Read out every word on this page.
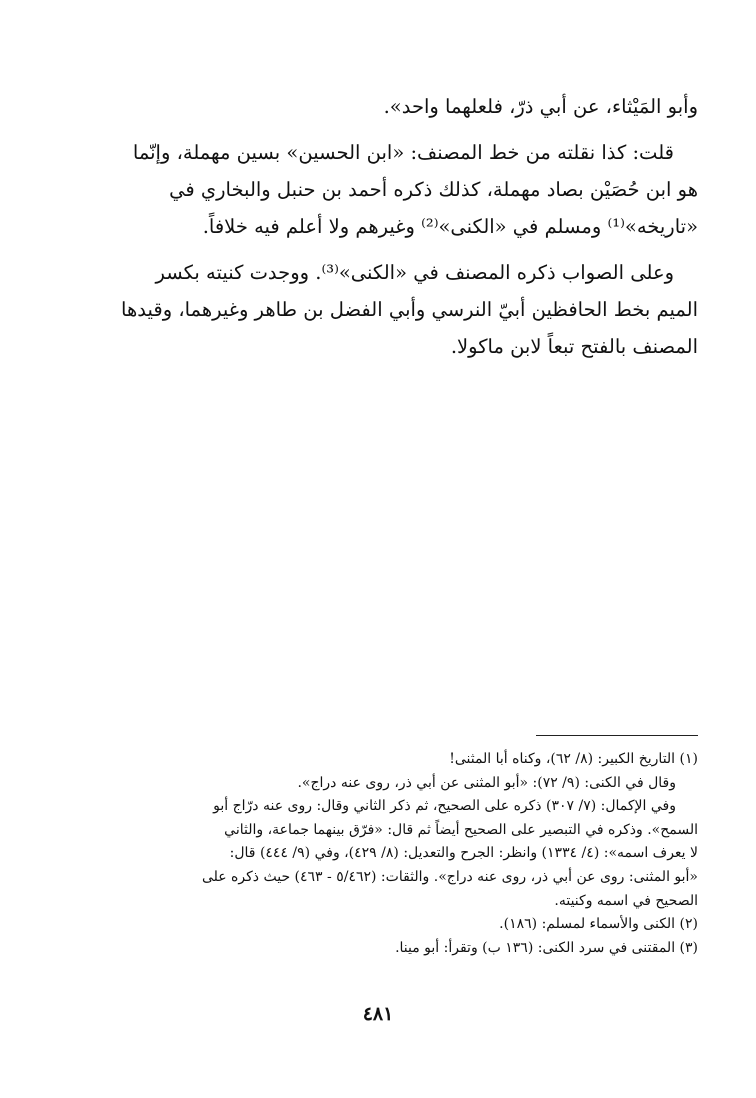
وأبو المَيْثاء، عن أبي ذرّ، فلعلهما واحد».

قلت: كذا نقلته من خط المصنف: «ابن الحسين» بسين مهملة، وإنّما
هو ابن حُصَيْن بصاد مهملة، كذلك ذكره أحمد بن حنبل والبخاري في
«تاريخه»⁽¹⁾ ومسلم في «الكنى»⁽²⁾ وغيرهم ولا أعلم فيه خلافاً.

وعلى الصواب ذكره المصنف في «الكنى»⁽³⁾. ووجدت كنيته بكسر
الميم بخط الحافظين أبيّ النرسي وأبي الفضل بن طاهر وغيرهما، وقيدها
المصنف بالفتح تبعاً لابن ماكولا.

(١) التاريخ الكبير: (٨/ ٦٢)، وكناه أبا المثنى!
وقال في الكنى: (٩/ ٧٢): «أبو المثنى عن أبي ذر، روى عنه دراج».
وفي الإكمال: (٧/ ٣٠٧) ذكره على الصحيح، ثم ذكر الثاني وقال: روى عنه درّاج أبو
السمح». وذكره في التبصير على الصحيح أيضاً ثم قال: «فرّق بينهما جماعة، والثاني
لا يعرف اسمه»: (٤/ ١٣٣٤) وانظر: الجرح والتعديل: (٨/ ٤٢٩)، وفي (٩/ ٤٤٤) قال:
«أبو المثنى: روى عن أبي ذر، روى عنه دراج». والثقات: (٥/٤٦٢ - ٤٦٣) حيث ذكره على
الصحيح في اسمه وكنيته.

(٢) الكنى والأسماء لمسلم: (١٨٦).

(٣) المقتنى في سرد الكنى: (١٣٦ ب) وتقرأ: أبو مينا.

٤٨١
